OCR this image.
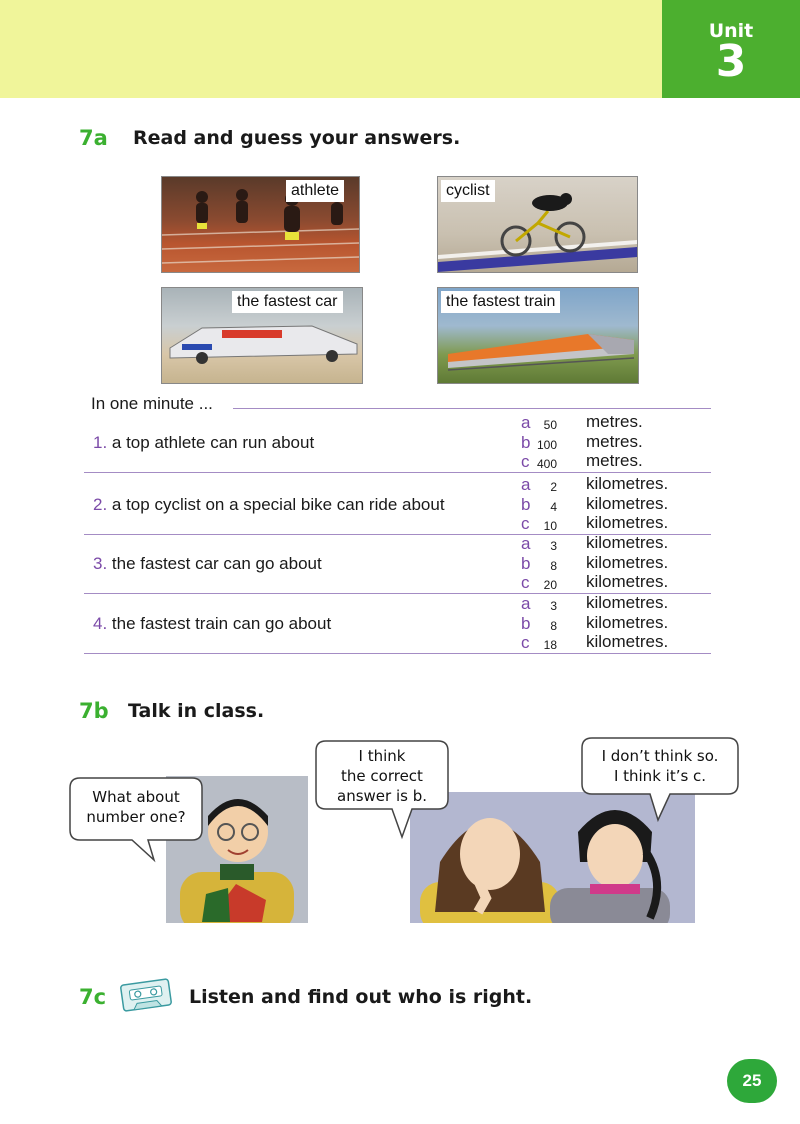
Unit
3
7a Read and guess your answers.
athlete	cyclist
the fastest car	the fastest train
In one minute ...
1. a top athlete can run about
a	50 metres.
b 100 metres.
c 400 metres.
2. a top cyclist on a special bike can ride about
a	2 kilometres.
b	4 kilometres.
c	10 kilometres.
3. the fastest car can go about
a	3 kilometres.
b	8 kilometres.
c	20 kilometres.
4. the fastest train can go about
a	3 kilometres.
b	8 kilometres.
c	18 kilometres.
7b Talk in class.
What about
number one?
I think
the correct
answer is b.
I don’t think so.
I think it’s c.
7c	Listen and find out who is right.
25
